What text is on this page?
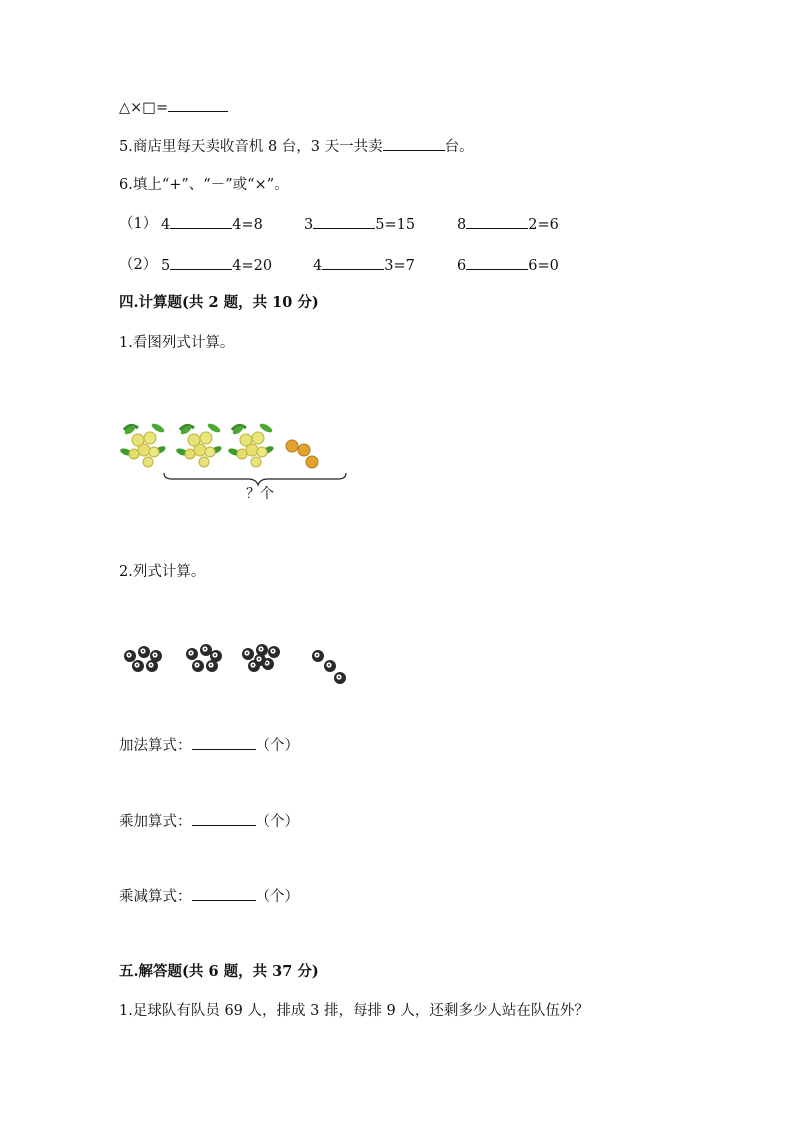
△×□=
5.商店里每天卖收音机 8 台，3 天一共卖	台。
6.填上“+”、“－”或“×”。
（1） 4	4=8	3	5=15	8	2=6
（2） 5	4=20	4	3=7	6	6=0
四.计算题(共 2 题，共 10 分)
1.看图列式计算。
？个
2.列式计算。
加法算式：	（个）
乘加算式：	（个）
乘减算式：	（个）
五.解答题(共 6 题，共 37 分)
1.足球队有队员 69 人，排成 3 排，每排 9 人，还剩多少人站在队伍外？
